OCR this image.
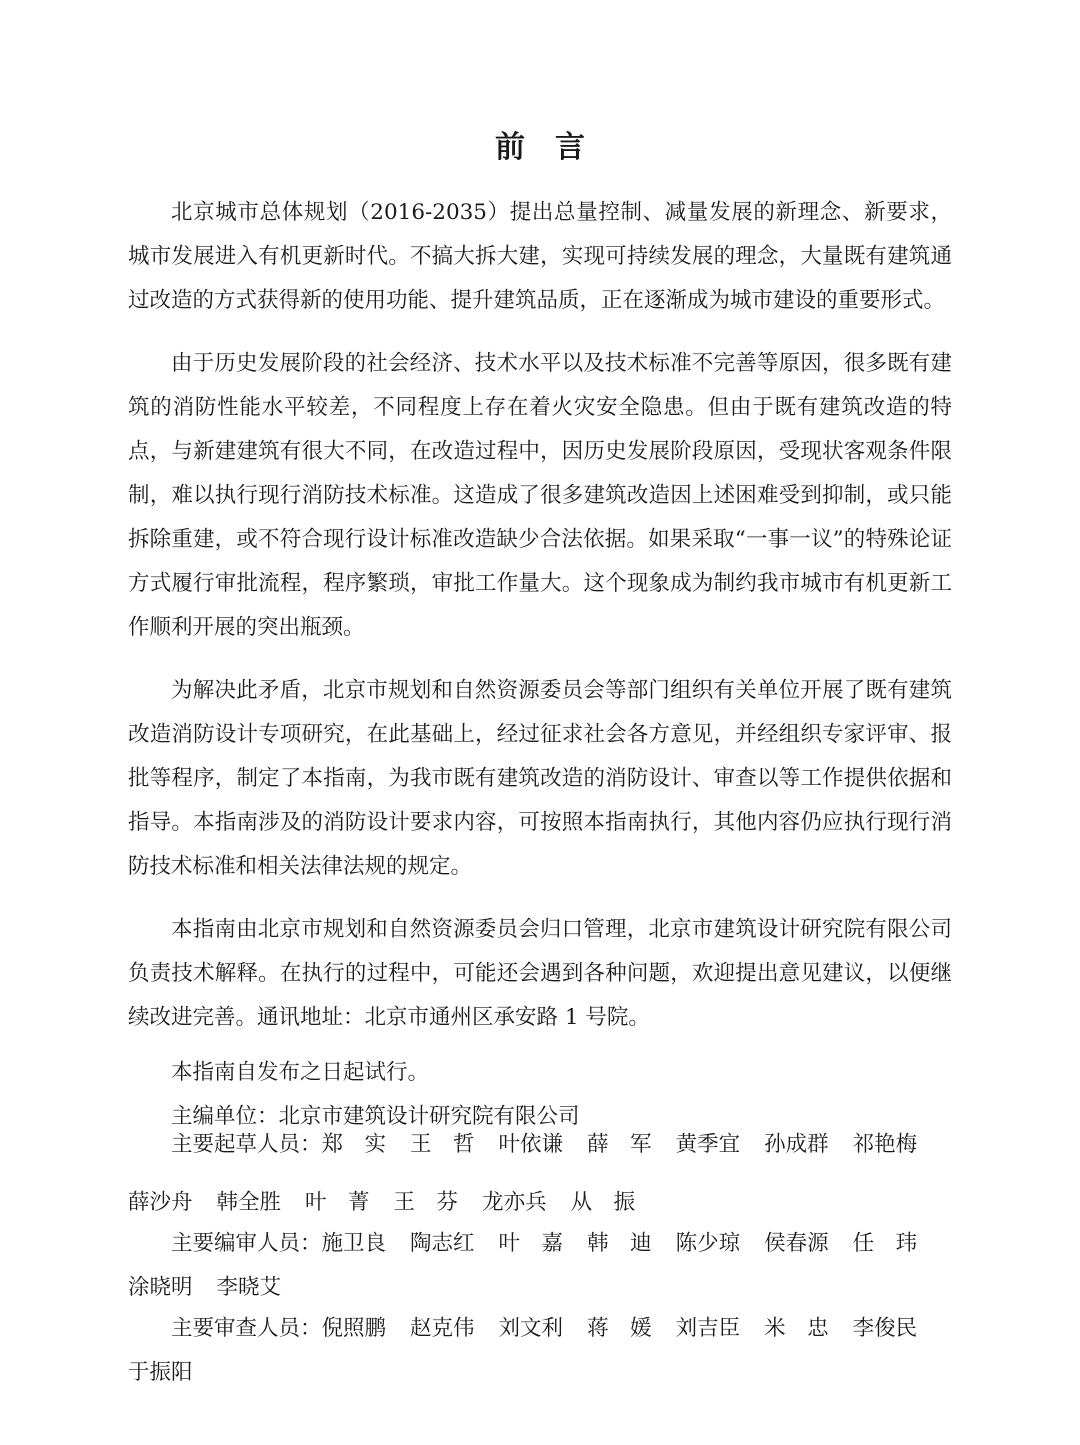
前　言

北京城市总体规划（2016-2035）提出总量控制、减量发展的新理念、新要求，城市发展进入有机更新时代。不搞大拆大建，实现可持续发展的理念，大量既有建筑通过改造的方式获得新的使用功能、提升建筑品质，正在逐渐成为城市建设的重要形式。

由于历史发展阶段的社会经济、技术水平以及技术标准不完善等原因，很多既有建筑的消防性能水平较差，不同程度上存在着火灾安全隐患。但由于既有建筑改造的特点，与新建建筑有很大不同，在改造过程中，因历史发展阶段原因，受现状客观条件限制，难以执行现行消防技术标准。这造成了很多建筑改造因上述困难受到抑制，或只能拆除重建，或不符合现行设计标准改造缺少合法依据。如果采取“一事一议”的特殊论证方式履行审批流程，程序繁琐，审批工作量大。这个现象成为制约我市城市有机更新工作顺利开展的突出瓶颈。

为解决此矛盾，北京市规划和自然资源委员会等部门组织有关单位开展了既有建筑改造消防设计专项研究，在此基础上，经过征求社会各方意见，并经组织专家评审、报批等程序，制定了本指南，为我市既有建筑改造的消防设计、审查以等工作提供依据和指导。本指南涉及的消防设计要求内容，可按照本指南执行，其他内容仍应执行现行消防技术标准和相关法律法规的规定。

本指南由北京市规划和自然资源委员会归口管理，北京市建筑设计研究院有限公司负责技术解释。在执行的过程中，可能还会遇到各种问题，欢迎提出意见建议，以便继续改进完善。通讯地址：北京市通州区承安路 1 号院。

本指南自发布之日起试行。

主编单位：北京市建筑设计研究院有限公司

主要起草人员：郑　实 王　哲 叶依谦 薛　军 黄季宜 孙成群 祁艳梅
薛沙舟 韩全胜 叶　菁 王　芬 龙亦兵 从　振
主要编审人员：施卫良 陶志红 叶　嘉 韩　迪 陈少琼 侯春源 任　玮
涂晓明 李晓艾
主要审查人员：倪照鹏 赵克伟 刘文利 蒋　媛 刘吉臣 米　忠 李俊民
于振阳
